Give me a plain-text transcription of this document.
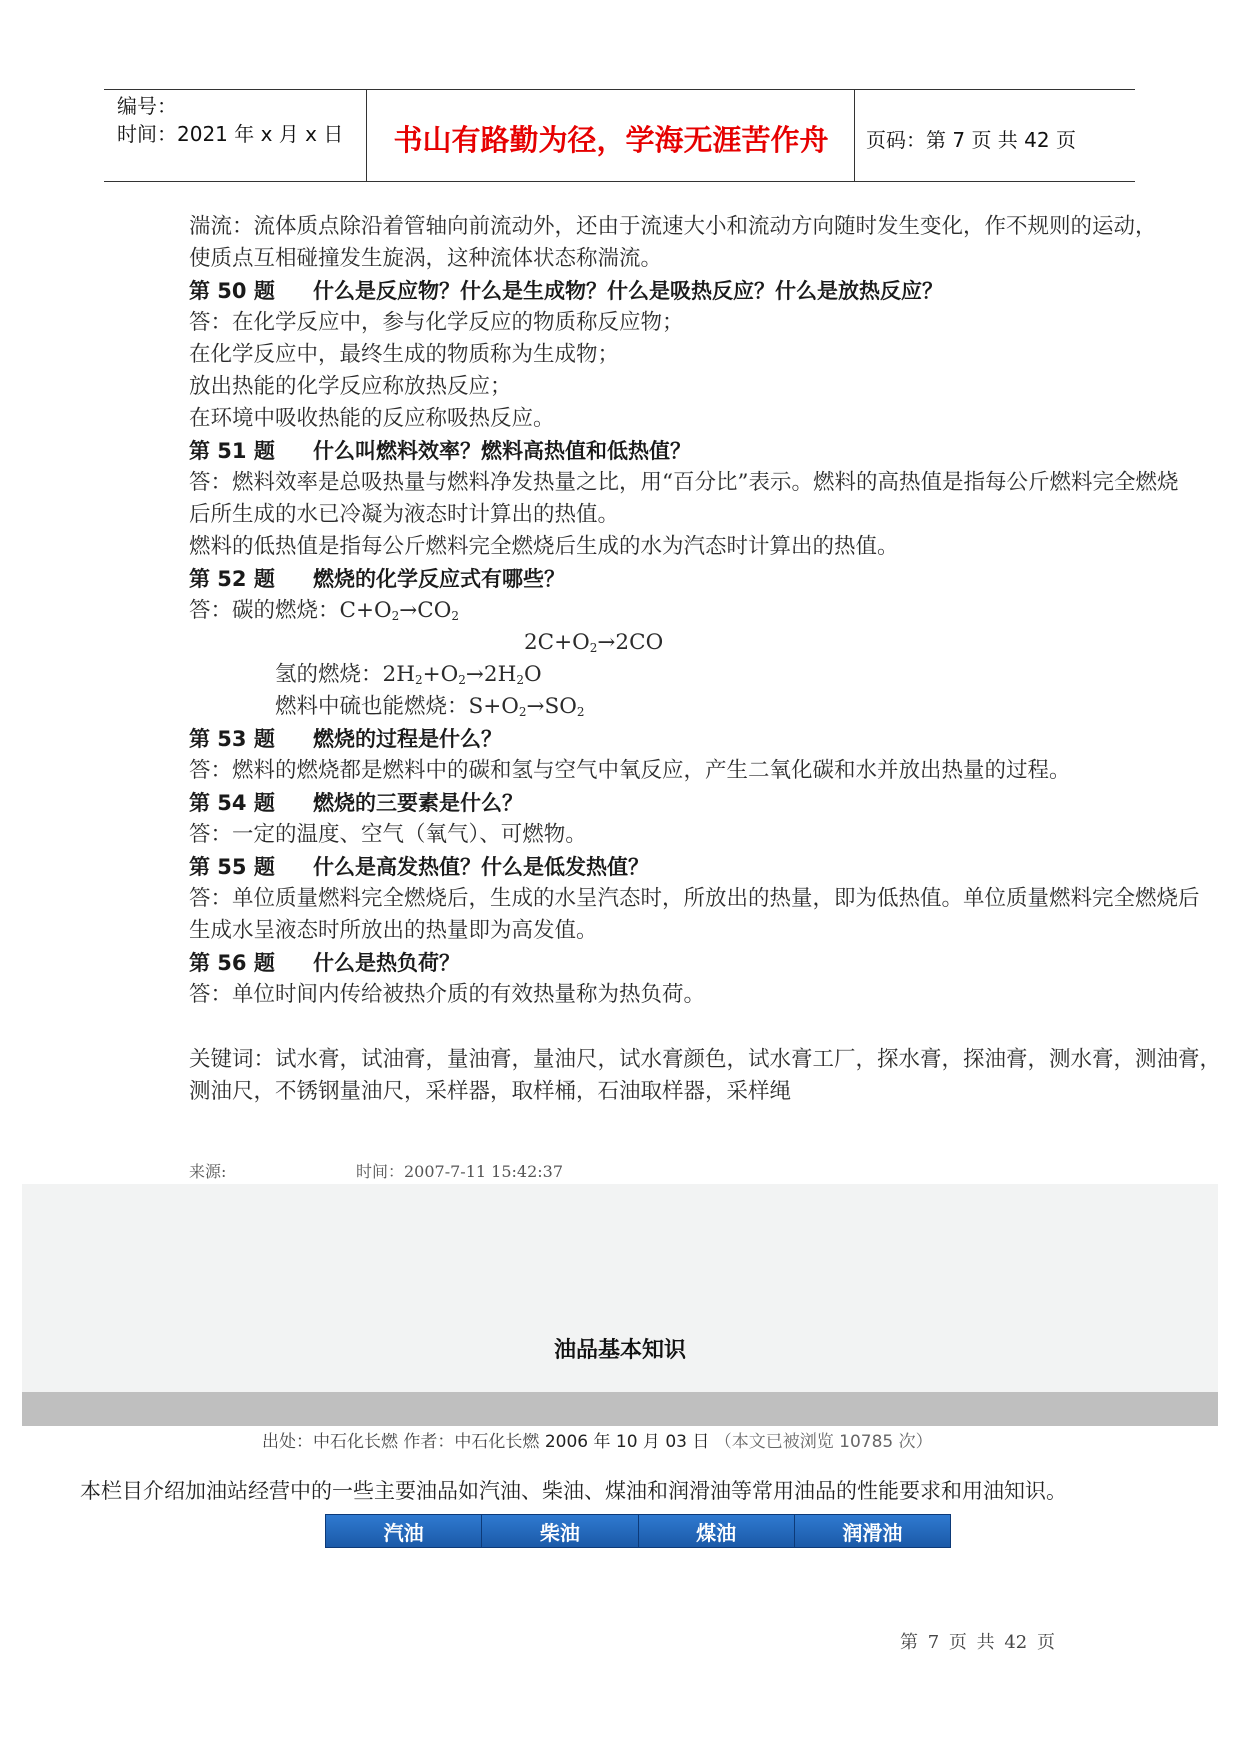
编号：
时间：2021 年 x 月 x 日	书山有路勤为径，学海无涯苦作舟	页码：第 7 页 共 42 页
湍流：流体质点除沿着管轴向前流动外，还由于流速大小和流动方向随时发生变化，作不规则的运动，
使质点互相碰撞发生旋涡，这种流体状态称湍流。
第 50 题 什么是反应物？什么是生成物？什么是吸热反应？什么是放热反应？
答：在化学反应中，参与化学反应的物质称反应物；
在化学反应中，最终生成的物质称为生成物；
放出热能的化学反应称放热反应；
在环境中吸收热能的反应称吸热反应。
第 51 题 什么叫燃料效率？燃料高热值和低热值？
答：燃料效率是总吸热量与燃料净发热量之比，用“百分比”表示。燃料的高热值是指每公斤燃料完全燃烧
后所生成的水已冷凝为液态时计算出的热值。
燃料的低热值是指每公斤燃料完全燃烧后生成的水为汽态时计算出的热值。
第 52 题 燃烧的化学反应式有哪些？
答：碳的燃烧：$C+O_2\to CO_2$
$2C+O_2\to 2CO$
氢的燃烧：$2H_2+O_2\to 2H_2O$
燃料中硫也能燃烧：$S+O_2\to SO_2$
第 53 题 燃烧的过程是什么？
答：燃料的燃烧都是燃料中的碳和氢与空气中氧反应，产生二氧化碳和水并放出热量的过程。
第 54 题 燃烧的三要素是什么？
答：一定的温度、空气（氧气）、可燃物。
第 55 题 什么是高发热值？什么是低发热值？
答：单位质量燃料完全燃烧后，生成的水呈汽态时，所放出的热量，即为低热值。单位质量燃料完全燃烧后
生成水呈液态时所放出的热量即为高发值。
第 56 题 什么是热负荷？
答：单位时间内传给被热介质的有效热量称为热负荷。
关键词：试水膏，试油膏，量油膏，量油尺，试水膏颜色，试水膏工厂，探水膏，探油膏，测水膏，测油膏，
测油尺，不锈钢量油尺，采样器，取样桶，石油取样器，采样绳
来源:	时间：2007-7-11 15:42:37
油品基本知识
出处：中石化长燃 作者：中石化长燃 2006 年 10 月 03 日 （本文已被浏览 10785 次）
本栏目介绍加油站经营中的一些主要油品如汽油、柴油、煤油和润滑油等常用油品的性能要求和用油知识。
汽油	柴油	煤油	润滑油
第 7 页 共 42 页
